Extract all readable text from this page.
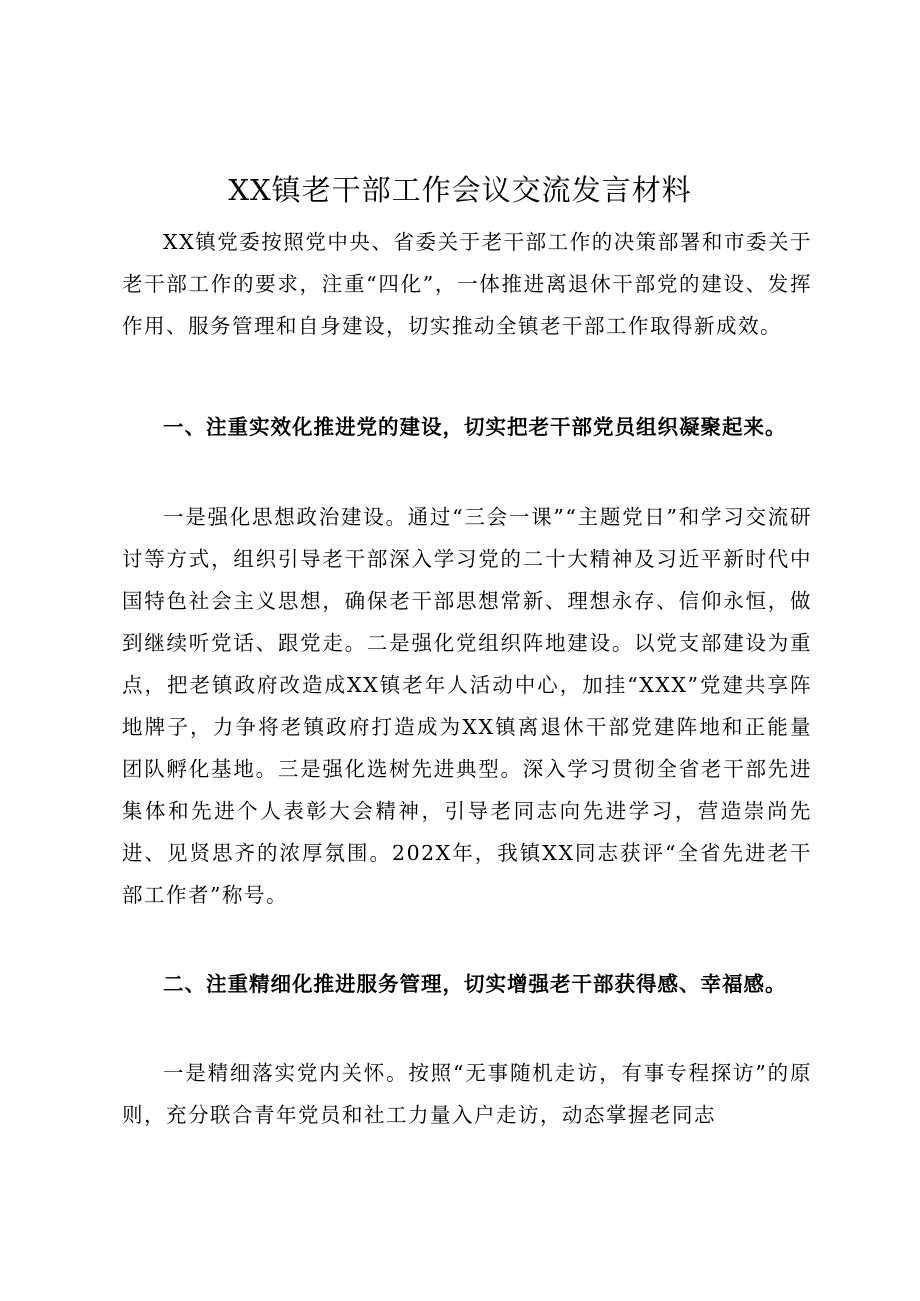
XX镇老干部工作会议交流发言材料

XX镇党委按照党中央、省委关于老干部工作的决策部署和市委关于老干部工作的要求，注重“四化”，一体推进离退休干部党的建设、发挥作用、服务管理和自身建设，切实推动全镇老干部工作取得新成效。

一、注重实效化推进党的建设，切实把老干部党员组织凝聚起来。

一是强化思想政治建设。通过“三会一课”“主题党日”和学习交流研讨等方式，组织引导老干部深入学习党的二十大精神及习近平新时代中国特色社会主义思想，确保老干部思想常新、理想永存、信仰永恒，做到继续听党话、跟党走。二是强化党组织阵地建设。以党支部建设为重点，把老镇政府改造成XX镇老年人活动中心，加挂“XXX”党建共享阵地牌子，力争将老镇政府打造成为XX镇离退休干部党建阵地和正能量团队孵化基地。三是强化选树先进典型。深入学习贯彻全省老干部先进集体和先进个人表彰大会精神，引导老同志向先进学习，营造崇尚先进、见贤思齐的浓厚氛围。202X年，我镇XX同志获评“全省先进老干部工作者”称号。

二、注重精细化推进服务管理，切实增强老干部获得感、幸福感。

一是精细落实党内关怀。按照“无事随机走访，有事专程探访”的原则，充分联合青年党员和社工力量入户走访，动态掌握老同志
